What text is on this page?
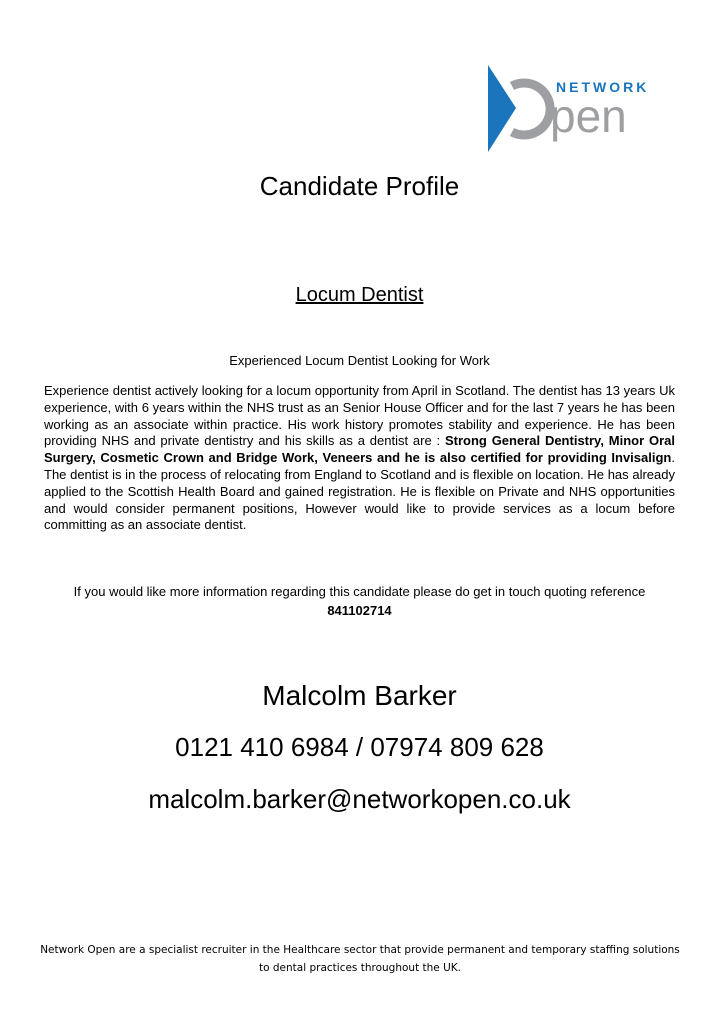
NETWORK
pen
Candidate Profile
Locum Dentist
Experienced Locum Dentist Looking for Work

Experience dentist actively looking for a locum opportunity from April in Scotland. The dentist has 13 years Uk experience, with 6 years within the NHS trust as an Senior House Officer and for the last 7 years he has been working as an associate within practice. His work history promotes stability and experience. He has been providing NHS and private dentistry and his skills as a dentist are : Strong General Dentistry, Minor Oral Surgery, Cosmetic Crown and Bridge Work, Veneers and he is also certified for providing Invisalign. The dentist is in the process of relocating from England to Scotland and is flexible on location. He has already applied to the Scottish Health Board and gained registration. He is flexible on Private and NHS opportunities and would consider permanent positions, However would like to provide services as a locum before committing as an associate dentist.

If you would like more information regarding this candidate please do get in touch quoting reference 841102714

Malcolm Barker
0121 410 6984 / 07974 809 628
malcolm.barker@networkopen.co.uk

Network Open are a specialist recruiter in the Healthcare sector that provide permanent and temporary staffing solutions to dental practices throughout the UK.
